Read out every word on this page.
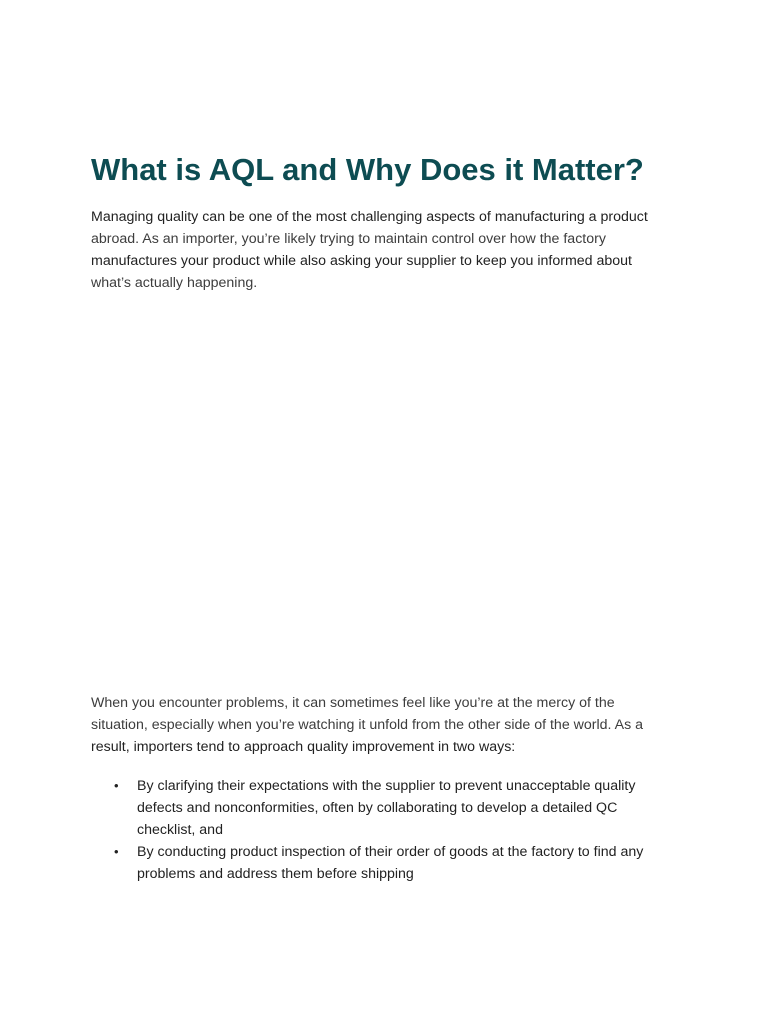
What is AQL and Why Does it Matter?

Managing quality can be one of the most challenging aspects of manufacturing a product
abroad. As an importer, you’re likely trying to maintain control over how the factory
manufactures your product while also asking your supplier to keep you informed about
what’s actually happening.

When you encounter problems, it can sometimes feel like you’re at the mercy of the
situation, especially when you’re watching it unfold from the other side of the world. As a
result, importers tend to approach quality improvement in two ways:

• By clarifying their expectations with the supplier to prevent unacceptable quality
defects and nonconformities, often by collaborating to develop a detailed QC
checklist, and
• By conducting product inspection of their order of goods at the factory to find any
problems and address them before shipping
